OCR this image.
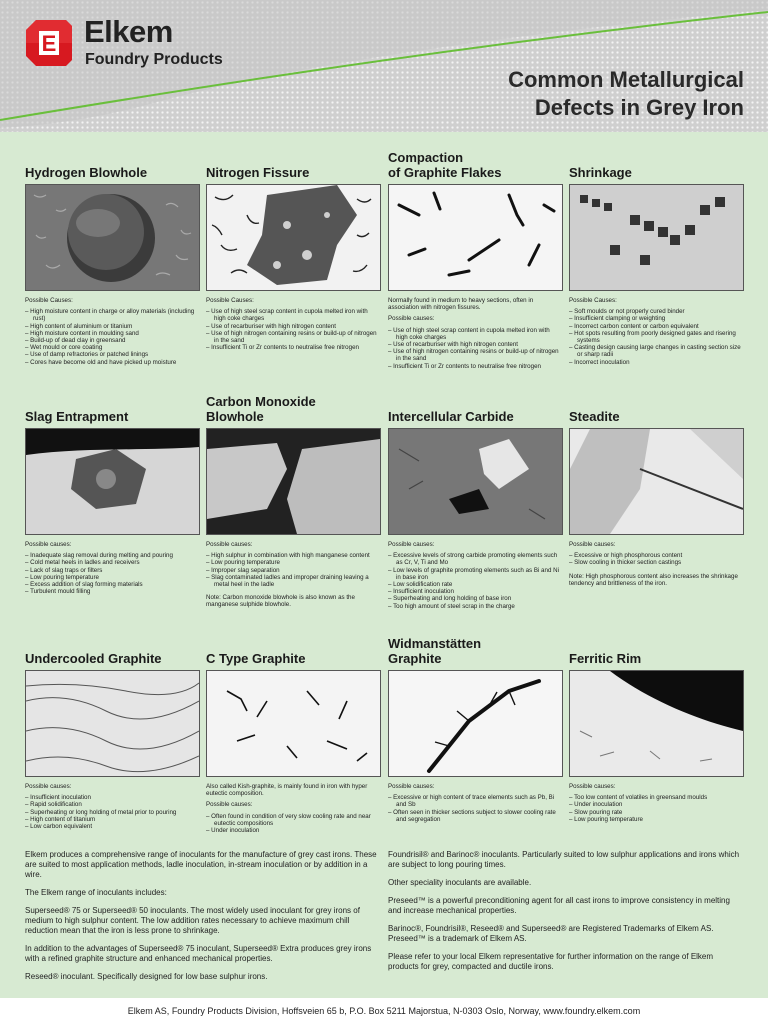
E Elkem
Foundry Products
Common Metallurgical
Defects in Grey Iron

Hydrogen Blowhole

Possible Causes:

– High moisture content in charge or alloy materials (including rust)
– High content of aluminium or titanium
– High moisture content in moulding sand
– Build-up of dead clay in greensand
– Wet mould or core coating
– Use of damp refractories or patched linings
– Cores have become old and have picked up moisture

Nitrogen Fissure

Possible Causes:

– Use of high steel scrap content in cupola melted iron with high coke charges
– Use of recarburiser with high nitrogen content
– Use of high nitrogen containing resins or build-up of nitrogen in the sand
– Insufficient Ti or Zr contents to neutralise free nitrogen
Compaction
of Graphite Flakes

Normally found in medium to heavy sections, often in association with nitrogen fissures.

Possible causes:

– Use of high steel scrap content in cupola melted iron with high coke charges
– Use of recarburiser with high nitrogen content
– Use of high nitrogen containing resins or build-up of nitrogen in the sand
– Insufficient Ti or Zr contents to neutralise free nitrogen

Shrinkage

Possible Causes:

– Soft moulds or not properly cured binder
– Insufficient clamping or weighting
– Incorrect carbon content or carbon equivalent
– Hot spots resulting from poorly designed gates and risering systems
– Casting design causing large changes in casting section size or sharp radii
– Incorrect inoculation

Slag Entrapment

Possible causes:

– Inadequate slag removal during melting and pouring
– Cold metal heels in ladles and receivers
– Lack of slag traps or filters
– Low pouring temperature
– Excess addition of slag forming materials
– Turbulent mould filling
Carbon Monoxide
Blowhole

Possible causes:

– High sulphur in combination with high manganese content
– Low pouring temperature
– Improper slag separation
– Slag contaminated ladles and improper draining leaving a metal heel in the ladle

Note: Carbon monoxide blowhole is also known as the manganese sulphide blowhole.

Intercellular Carbide

Possible causes:

– Excessive levels of strong carbide promoting elements such as Cr, V, Ti and Mo
– Low levels of graphite promoting elements such as Bi and Ni in base iron
– Low solidification rate
– Insufficient inoculation
– Superheating and long holding of base iron
– Too high amount of steel scrap in the charge

Steadite

Possible causes:

– Excessive or high phosphorous content
– Slow cooling in thicker section castings

Note: High phosphorous content also increases the shrinkage tendency and brittleness of the iron.

Undercooled Graphite

Possible causes:

– Insufficient inoculation
– Rapid solidification
– Superheating or long holding of metal prior to pouring
– High content of titanium
– Low carbon equivalent

C Type Graphite

Also called Kish-graphite, is mainly found in iron with hyper eutectic composition.

Possible causes:

– Often found in condition of very slow cooling rate and near eutectic compositions
– Under inoculation
Widmanstätten
Graphite

Possible causes:

– Excessive or high content of trace elements such as Pb, Bi and Sb
– Often seen in thicker sections subject to slower cooling rate and segregation

Ferritic Rim

Possible causes:

– Too low content of volatiles in greensand moulds
– Under inoculation
– Slow pouring rate
– Low pouring temperature

Elkem produces a comprehensive range of inoculants for the manufacture of grey cast irons. These are suited to most application methods, ladle inoculation, in-stream inoculation or by addition in a wire.

The Elkem range of inoculants includes:

Superseed® 75 or Superseed® 50 inoculants. The most widely used inoculant for grey irons of medium to high sulphur content. The low addition rates necessary to achieve maximum chill reduction mean that the iron is less prone to shrinkage.

In addition to the advantages of Superseed® 75 inoculant, Superseed® Extra produces grey irons with a refined graphite structure and enhanced mechanical properties.

Reseed® inoculant. Specifically designed for low base sulphur irons.

Foundrisil® and Barinoc® inoculants. Particularly suited to low sulphur applications and irons which are subject to long pouring times.

Other speciality inoculants are available.

Preseed™ is a powerful preconditioning agent for all cast irons to improve consistency in melting and increase mechanical properties.

Barinoc®, Foundrisil®, Reseed® and Superseed® are Registered Trademarks of Elkem AS. Preseed™ is a trademark of Elkem AS.

Please refer to your local Elkem representative for further information on the range of Elkem products for grey, compacted and ductile irons.

Elkem AS, Foundry Products Division, Hoffsveien 65 b, P.O. Box 5211 Majorstua, N-0303 Oslo, Norway, www.foundry.elkem.com
